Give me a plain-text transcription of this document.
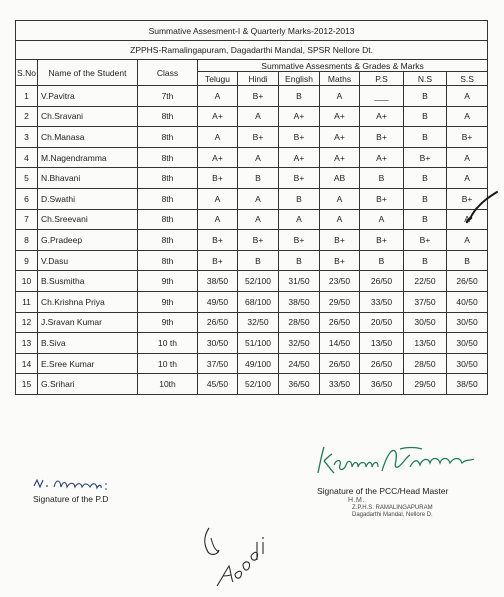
Summative Assesment-I & Quarterly Marks-2012-2013									
ZPPHS-Ramalingapuram, Dagadarthi Mandal, SPSR Nellore Dt.									
S.No	Name of the Student	Class	Summative Assesments & Grades & Marks						
			Telugu	Hindi	English	Maths	P.S	N.S	S.S
1	V.Pavitra	7th	A	B+	B	A	___	B	A
2	Ch.Sravani	8th	A+	A	A+	A+	A+	B	A
3	Ch.Manasa	8th	A	B+	B+	A+	B+	B	B+
4	M.Nagendramma	8th	A+	A	A+	A+	A+	B+	A
5	N.Bhavani	8th	B+	B	B+	AB	B	B	A
6	D.Swathi	8th	A	A	B	A	B+	B	B+
7	Ch.Sreevani	8th	A	A	A	A	A	B	A
8	G.Pradeep	8th	B+	B+	B+	B+	B+	B+	A
9	V.Dasu	8th	B+	B	B	B+	B	B	B
10	B.Susmitha	9th	38/50	52/100	31/50	23/50	26/50	22/50	26/50
11	Ch.Krishna Priya	9th	49/50	68/100	38/50	29/50	33/50	37/50	40/50
12	J.Sravan Kumar	9th	26/50	32/50	28/50	26/50	20/50	30/50	30/50
13	B.Siva	10 th	30/50	51/100	32/50	14/50	13/50	13/50	30/50
14	E.Sree Kumar	10 th	37/50	49/100	24/50	26/50	26/50	28/50	30/50
15	G.Srihari	10th	45/50	52/100	36/50	33/50	36/50	29/50	38/50
Signature of the P.D
Signature of the PCC/Head Master
H.M.
Z.P.H.S. RAMALINGAPURAM
Dagadarthi Mandal, Nellore D.
